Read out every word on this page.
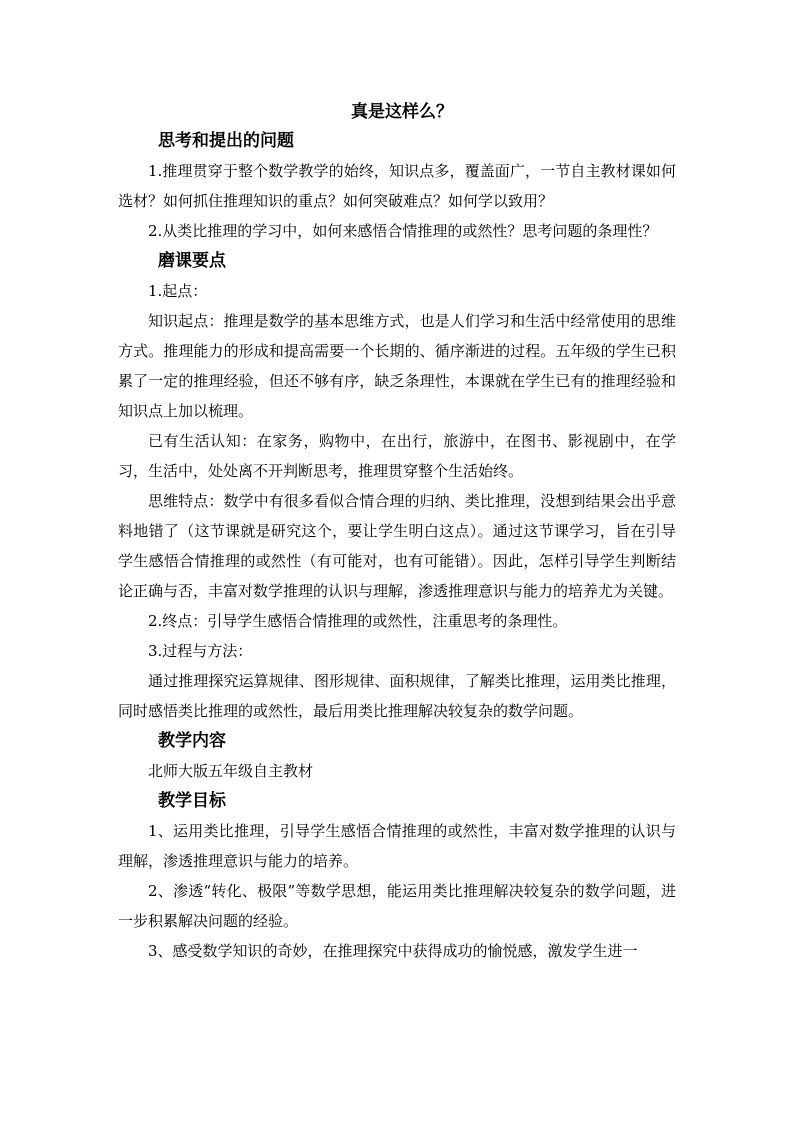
真是这样么？
思考和提出的问题

1.推理贯穿于整个数学教学的始终，知识点多，覆盖面广，一节自主教材课如何选材？如何抓住推理知识的重点？如何突破难点？如何学以致用？

2.从类比推理的学习中，如何来感悟合情推理的或然性？思考问题的条理性？

磨课要点

1.起点：

知识起点：推理是数学的基本思维方式，也是人们学习和生活中经常使用的思维方式。推理能力的形成和提高需要一个长期的、循序渐进的过程。五年级的学生已积累了一定的推理经验，但还不够有序，缺乏条理性，本课就在学生已有的推理经验和知识点上加以梳理。

已有生活认知：在家务，购物中，在出行，旅游中，在图书、影视剧中，在学习，生活中，处处离不开判断思考，推理贯穿整个生活始终。

思维特点：数学中有很多看似合情合理的归纳、类比推理，没想到结果会出乎意料地错了（这节课就是研究这个，要让学生明白这点）。通过这节课学习，旨在引导学生感悟合情推理的或然性（有可能对，也有可能错）。因此，怎样引导学生判断结论正确与否，丰富对数学推理的认识与理解，渗透推理意识与能力的培养尤为关键。

2.终点：引导学生感悟合情推理的或然性，注重思考的条理性。

3.过程与方法：

通过推理探究运算规律、图形规律、面积规律，了解类比推理，运用类比推理，同时感悟类比推理的或然性，最后用类比推理解决较复杂的数学问题。

教学内容

北师大版五年级自主教材

教学目标

1、运用类比推理，引导学生感悟合情推理的或然性，丰富对数学推理的认识与理解，渗透推理意识与能力的培养。

2、渗透“转化、极限”等数学思想，能运用类比推理解决较复杂的数学问题，进一步积累解决问题的经验。

3、感受数学知识的奇妙，在推理探究中获得成功的愉悦感，激发学生进一
